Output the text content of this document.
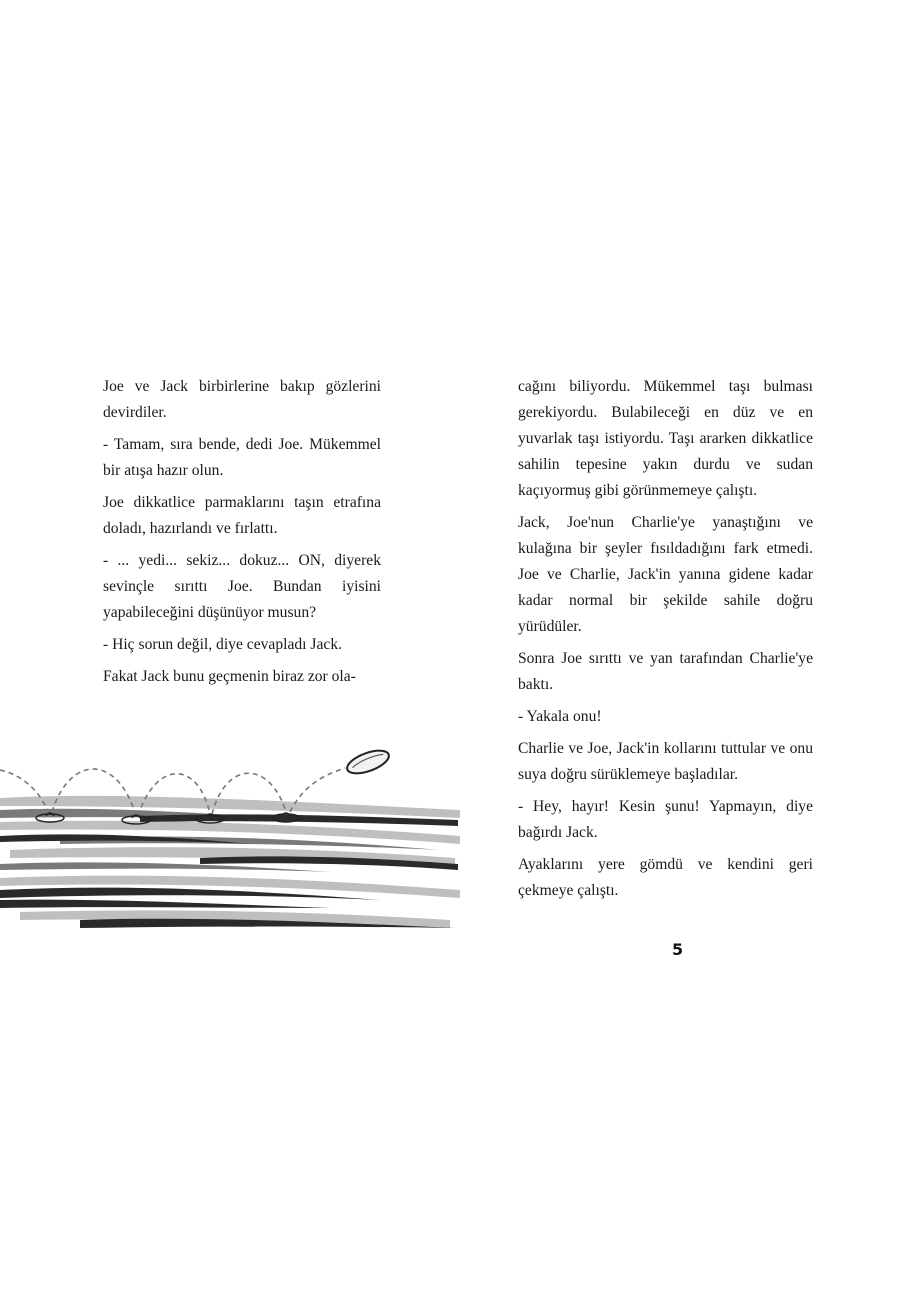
Joe ve Jack birbirlerine bakıp gözlerini devirdiler.

- Tamam, sıra bende, dedi Joe. Mükemmel bir atışa hazır olun.

Joe dikkatlice parmaklarını taşın etrafına doladı, hazırlandı ve fırlattı.

- ... yedi... sekiz... dokuz... ON, diyerek sevinçle sırıttı Joe. Bundan iyisini yapabileceğini düşünüyor musun?

- Hiç sorun değil, diye cevapladı Jack.

Fakat Jack bunu geçmenin biraz zor ola-

cağını biliyordu. Mükemmel taşı bulması gerekiyordu. Bulabileceği en düz ve en yuvarlak taşı istiyordu. Taşı ararken dikkatlice sahilin tepesine yakın durdu ve sudan kaçıyormuş gibi görünmemeye çalıştı.

Jack, Joe'nun Charlie'ye yanaştığını ve kulağına bir şeyler fısıldadığını fark etmedi. Joe ve Charlie, Jack'in yanına gidene kadar kadar normal bir şekilde sahile doğru yürüdüler.

Sonra Joe sırıttı ve yan tarafından Charlie'ye baktı.

- Yakala onu!

Charlie ve Joe, Jack'in kollarını tuttular ve onu suya doğru sürüklemeye başladılar.

- Hey, hayır! Kesin şunu! Yapmayın, diye bağırdı Jack.

Ayaklarını yere gömdü ve kendini geri çekmeye çalıştı.

5
